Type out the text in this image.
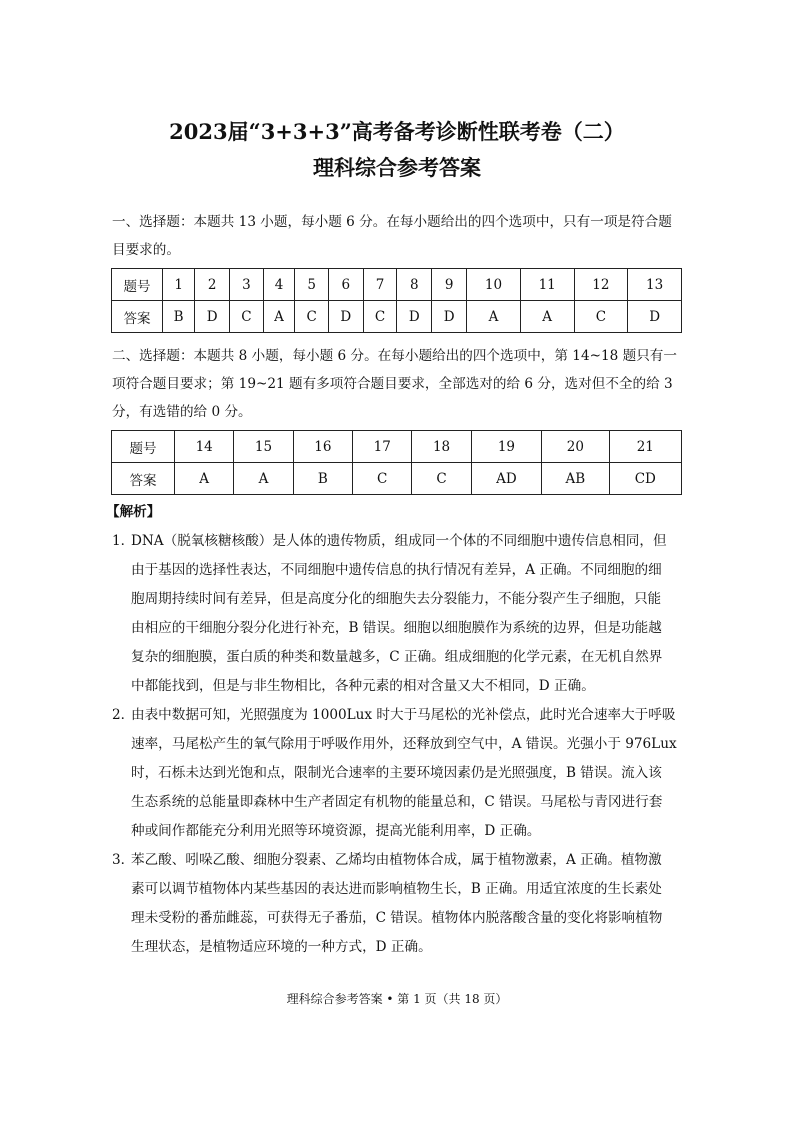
2023届“3+3+3”高考备考诊断性联考卷（二）
理科综合参考答案
一、选择题：本题共 13 小题，每小题 6 分。在每小题给出的四个选项中，只有一项是符合题
目要求的。
题号	1	2	3	4	5	6	7	8	9	10	11	12	13
答案	B	D	C	A	C	D	C	D	D	A	A	C	D
二、选择题：本题共 8 小题，每小题 6 分。在每小题给出的四个选项中，第 14~18 题只有一
项符合题目要求；第 19~21 题有多项符合题目要求，全部选对的给 6 分，选对但不全的给 3
分，有选错的给 0 分。
题号	14	15	16	17	18	19	20	21
答案	A	A	B	C	C	AD	AB	CD
【解析】
1．
DNA（脱氧核糖核酸）是人体的遗传物质，组成同一个体的不同细胞中遗传信息相同，但
由于基因的选择性表达，不同细胞中遗传信息的执行情况有差异，A 正确。不同细胞的细
胞周期持续时间有差异，但是高度分化的细胞失去分裂能力，不能分裂产生子细胞，只能
由相应的干细胞分裂分化进行补充，B 错误。细胞以细胞膜作为系统的边界，但是功能越
复杂的细胞膜，蛋白质的种类和数量越多，C 正确。组成细胞的化学元素，在无机自然界
中都能找到，但是与非生物相比，各种元素的相对含量又大不相同，D 正确。
2．
由表中数据可知，光照强度为 1000Lux 时大于马尾松的光补偿点，此时光合速率大于呼吸
速率，马尾松产生的氧气除用于呼吸作用外，还释放到空气中，A 错误。光强小于 976Lux
时，石栎未达到光饱和点，限制光合速率的主要环境因素仍是光照强度，B 错误。流入该
生态系统的总能量即森林中生产者固定有机物的能量总和，C 错误。马尾松与青冈进行套
种或间作都能充分利用光照等环境资源，提高光能利用率，D 正确。
3．
苯乙酸、吲哚乙酸、细胞分裂素、乙烯均由植物体合成，属于植物激素，A 正确。植物激
素可以调节植物体内某些基因的表达进而影响植物生长，B 正确。用适宜浓度的生长素处
理未受粉的番茄雌蕊，可获得无子番茄，C 错误。植物体内脱落酸含量的变化将影响植物
生理状态，是植物适应环境的一种方式，D 正确。
理科综合参考答案 • 第 1 页（共 18 页）
